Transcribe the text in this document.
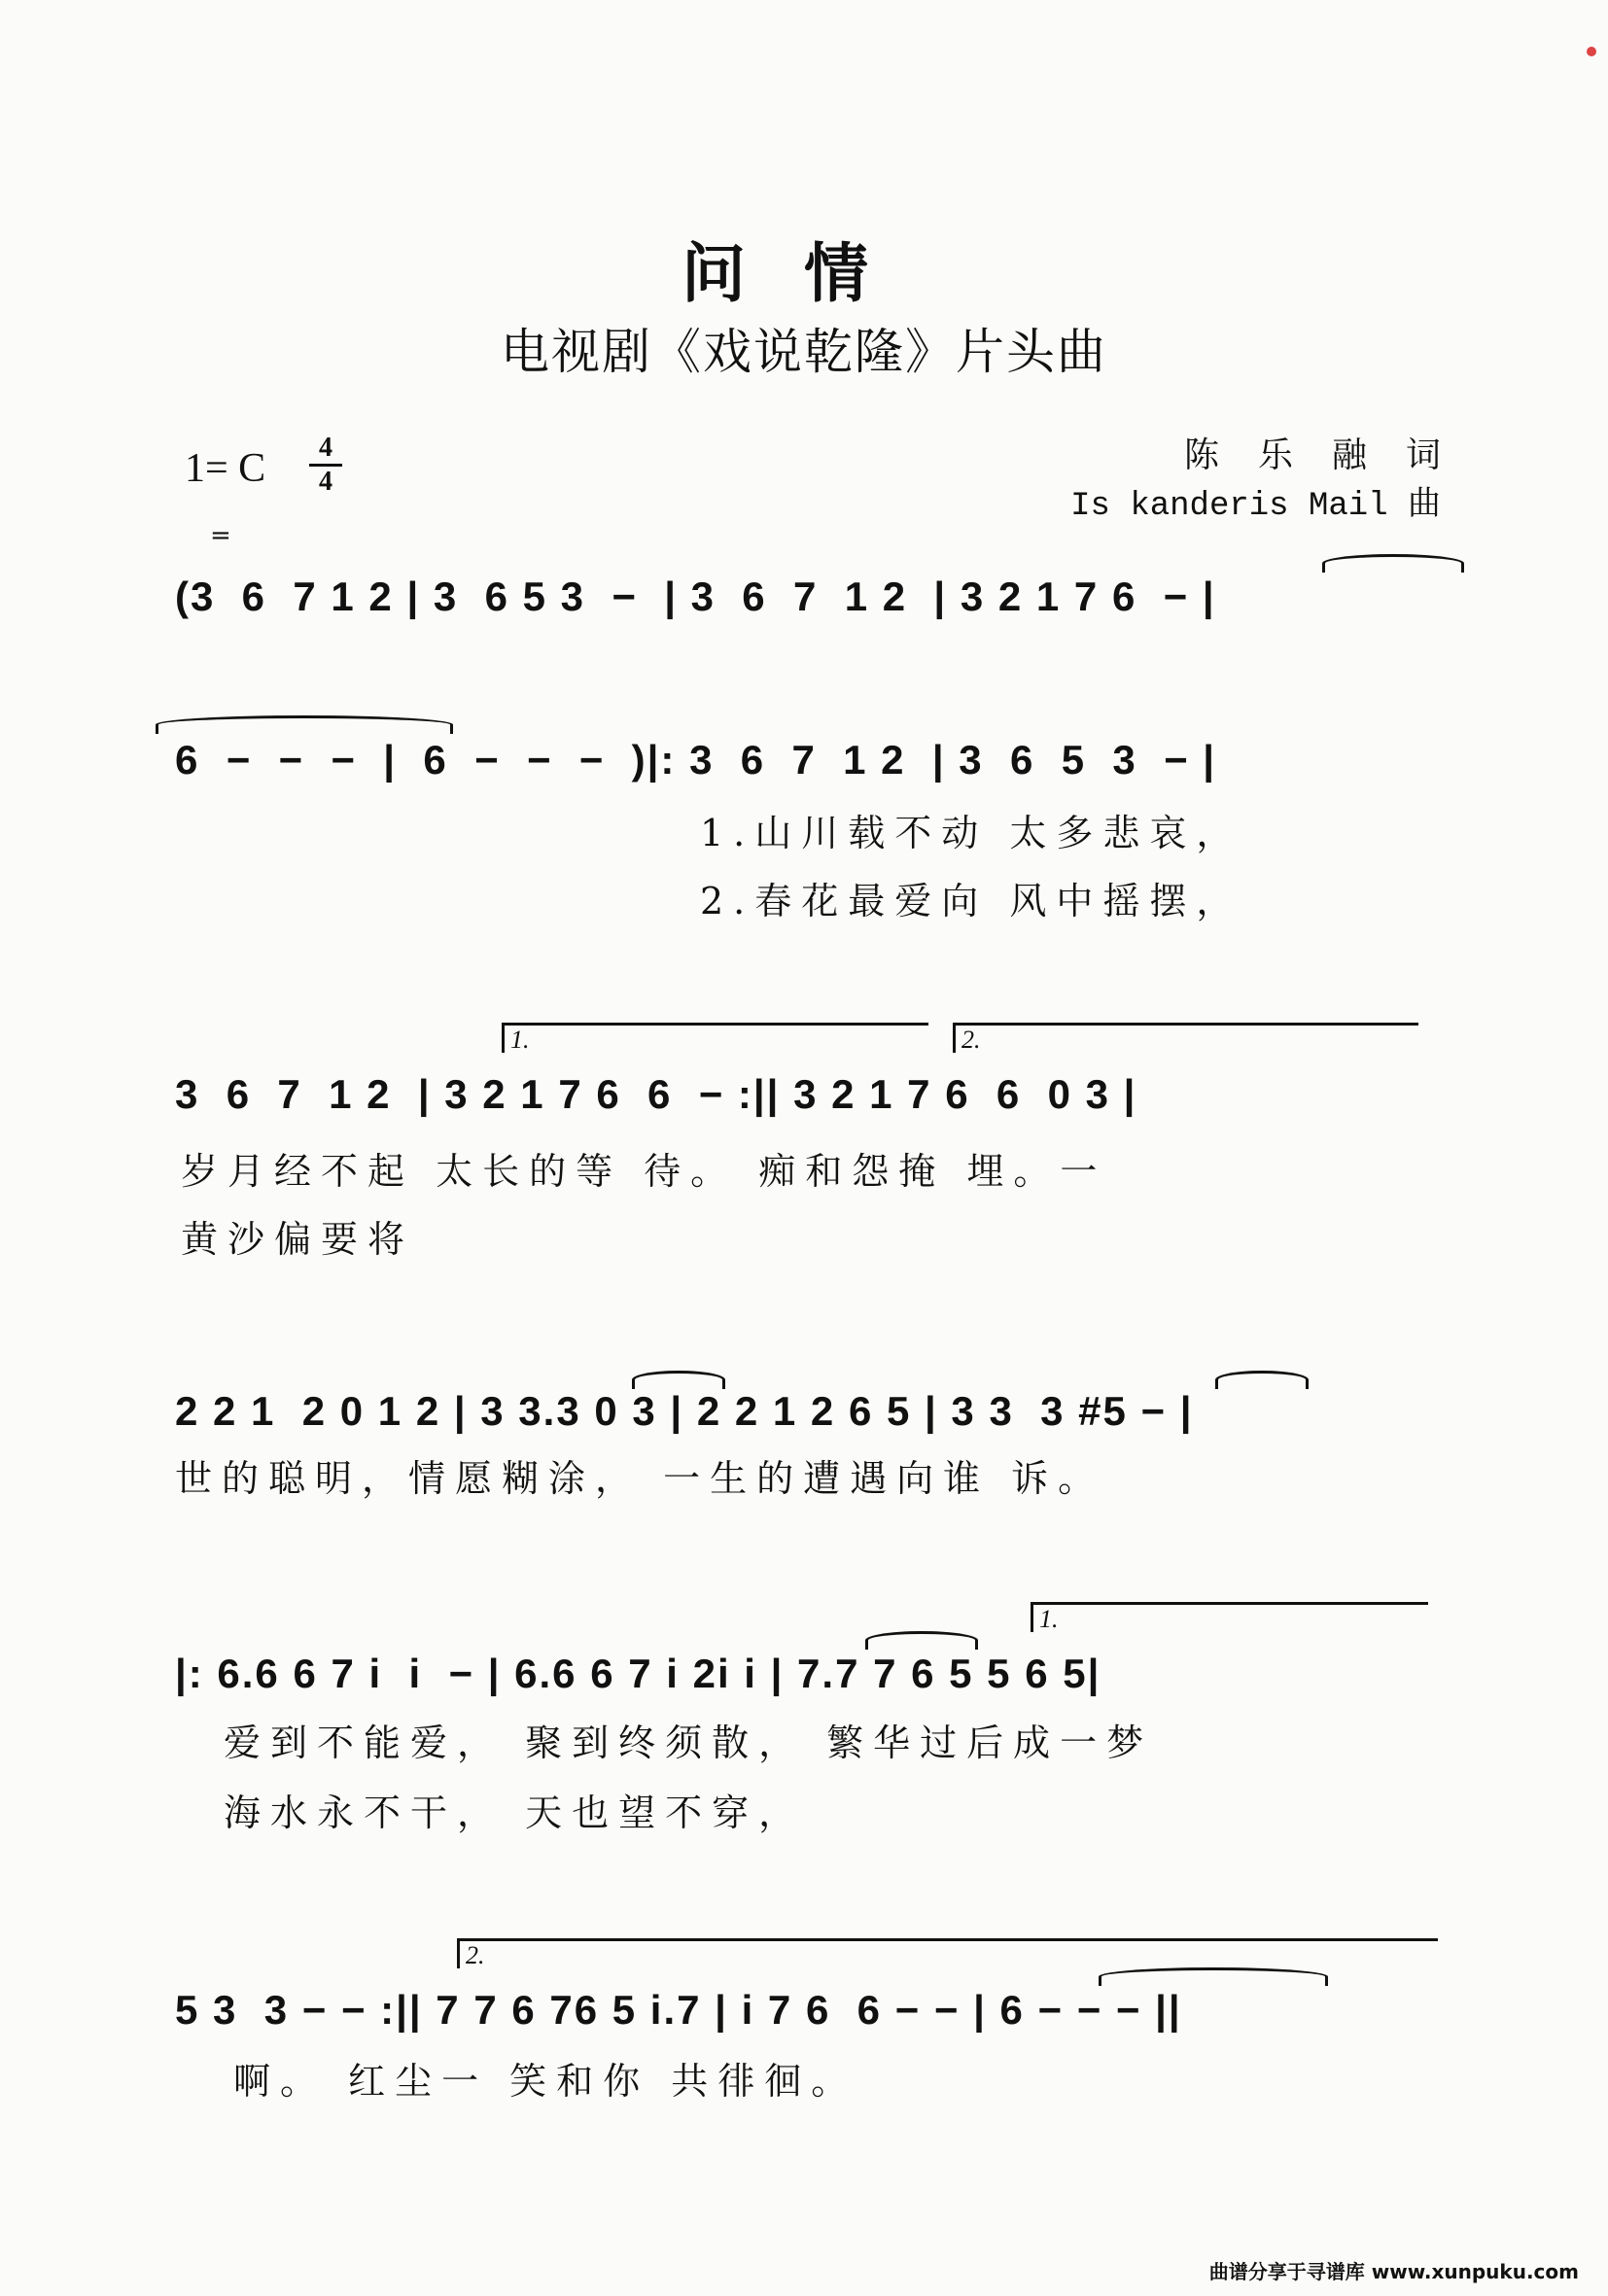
问情
电视剧《戏说乾隆》片头曲
1= C	4
4
=
陈乐融词
Is kanderis Mail 曲
(3  6  7 1 2 | 3  6 5 3  −  | 3  6  7  1 2  | 3 2 1 7 6  − |
6  −  −  −  |  6  −  −  −  )|: 3  6  7  1 2  | 3  6  5  3  − |
1.山川载不动 太多悲哀，
2.春花最爱向 风中摇摆，
1.	2.
3  6  7  1 2  | 3 2 1 7 6  6  − :|| 3 2 1 7 6  6  0 3 |
岁月经不起 太长的等 待。 痴和怨掩 埋。一
黄沙偏要将
2 2 1  2 0 1 2 | 3 3.3 0 3 | 2 2 1 2 6 5 | 3 3  3 #5 − |
世的聪明，情愿糊涂， 一生的遭遇向谁 诉。
1.
|: 6.6 6 7 i  i  − | 6.6 6 7 i 2i i | 7.7 7 6 5 5 6 5|
爱到不能爱， 聚到终须散， 繁华过后成一梦
海水永不干， 天也望不穿，
2.
5 3  3 − − :|| 7 7 6 76 5 i.7 | i 7 6  6 − − | 6 − − − ||
啊。 红尘一 笑和你 共徘徊。
曲谱分享于寻谱库 www.xunpuku.com
